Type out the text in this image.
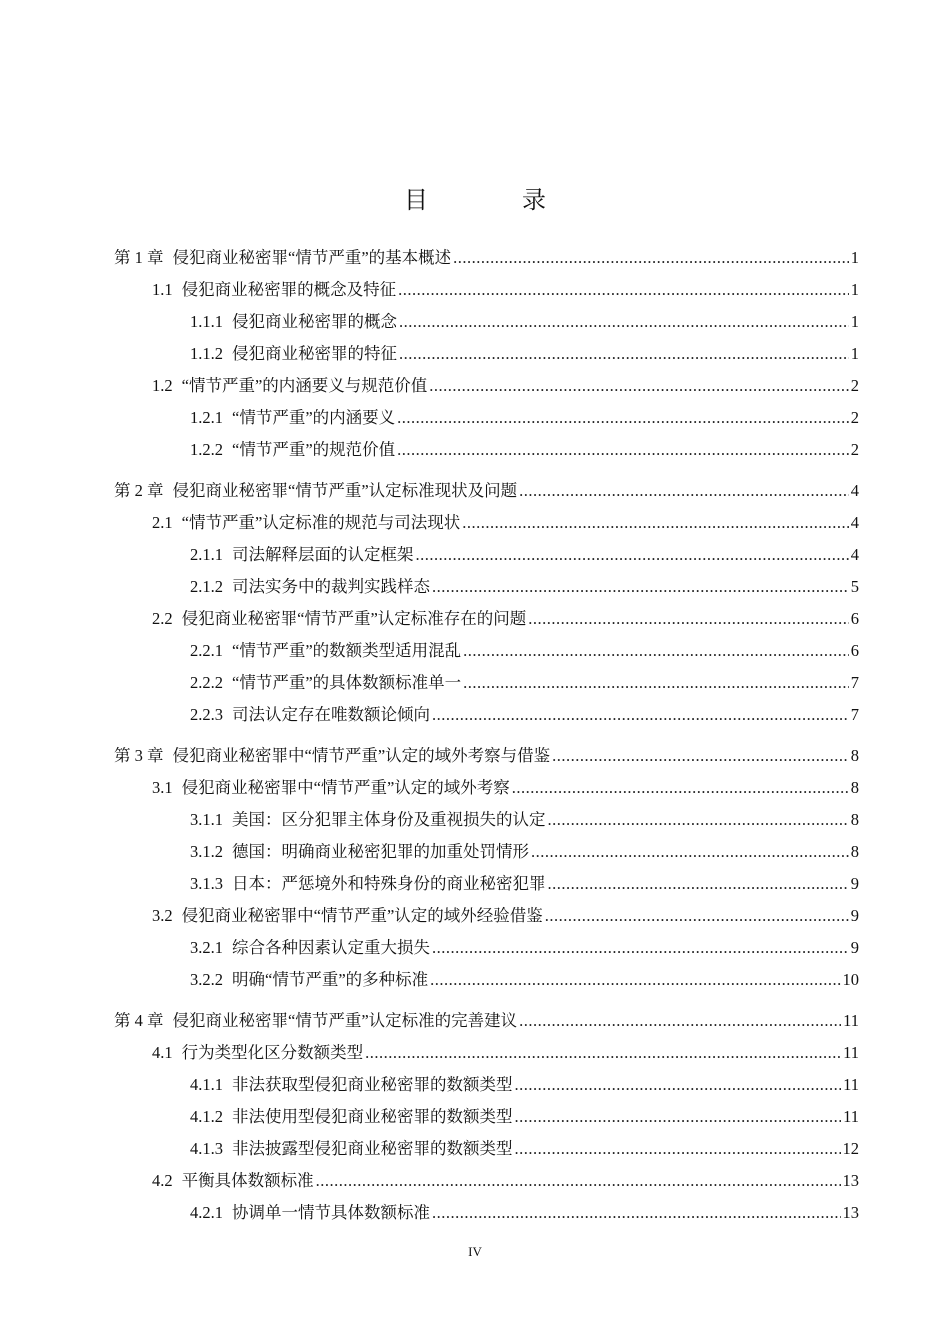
目 录
第 1 章 侵犯商业秘密罪“情节严重”的基本概述 .....	1
1.1 侵犯商业秘密罪的概念及特征 .....	1
1.1.1 侵犯商业秘密罪的概念 .....	1
1.1.2 侵犯商业秘密罪的特征 .....	1
1.2 “情节严重”的内涵要义与规范价值 .....	2
1.2.1 “情节严重”的内涵要义 .....	2
1.2.2 “情节严重”的规范价值 .....	2
第 2 章 侵犯商业秘密罪“情节严重”认定标准现状及问题 .....	4
2.1 “情节严重”认定标准的规范与司法现状 .....	4
2.1.1 司法解释层面的认定框架 .....	4
2.1.2 司法实务中的裁判实践样态 .....	5
2.2 侵犯商业秘密罪“情节严重”认定标准存在的问题 .....	6
2.2.1 “情节严重”的数额类型适用混乱 .....	6
2.2.2 “情节严重”的具体数额标准单一 .....	7
2.2.3 司法认定存在唯数额论倾向 .....	7
第 3 章 侵犯商业秘密罪中“情节严重”认定的域外考察与借鉴 .....	8
3.1 侵犯商业秘密罪中“情节严重”认定的域外考察 .....	8
3.1.1 美国：区分犯罪主体身份及重视损失的认定 .....	8
3.1.2 德国：明确商业秘密犯罪的加重处罚情形 .....	8
3.1.3 日本：严惩境外和特殊身份的商业秘密犯罪 .....	9
3.2 侵犯商业秘密罪中“情节严重”认定的域外经验借鉴 .....	9
3.2.1 综合各种因素认定重大损失 .....	9
3.2.2 明确“情节严重”的多种标准 .....	10
第 4 章 侵犯商业秘密罪“情节严重”认定标准的完善建议 .....	11
4.1 行为类型化区分数额类型 .....	11
4.1.1 非法获取型侵犯商业秘密罪的数额类型 .....	11
4.1.2 非法使用型侵犯商业秘密罪的数额类型 .....	11
4.1.3 非法披露型侵犯商业秘密罪的数额类型 .....	12
4.2 平衡具体数额标准 .....	13
4.2.1 协调单一情节具体数额标准 .....	13
IV
